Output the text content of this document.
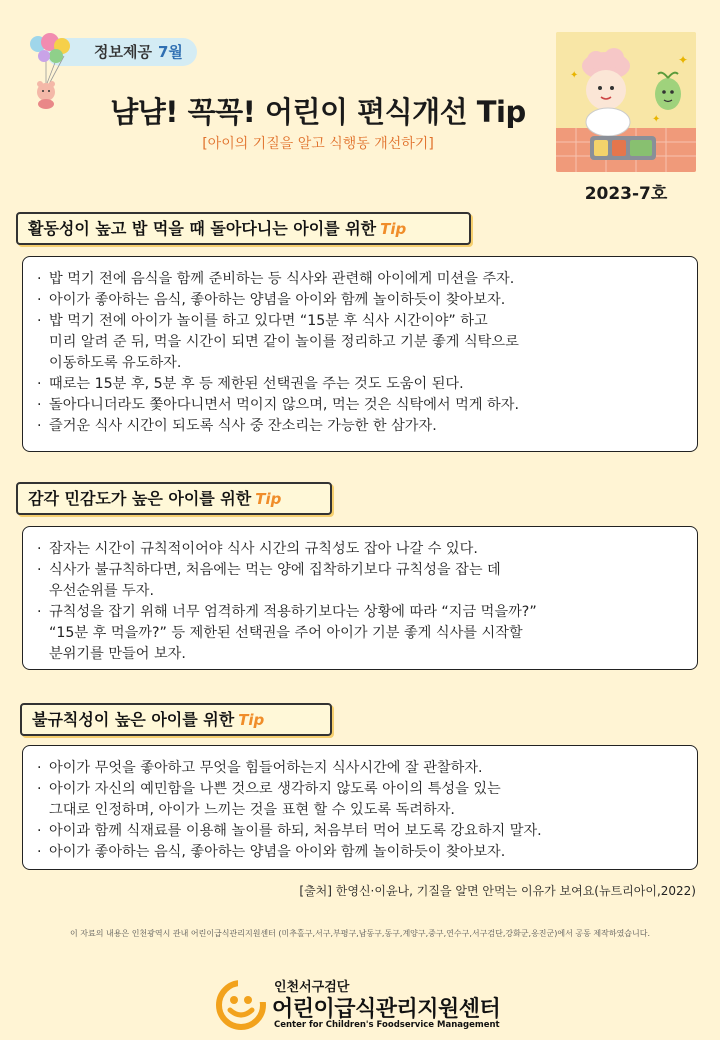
정보제공 7월
냠냠! 꼭꼭! 어린이 편식개선 Tip
[아이의 기질을 알고 식행동 개선하기]
✦
✦
✦
2023-7호
활동성이 높고 밥 먹을 때 돌아다니는 아이를 위한 Tip
· 밥 먹기 전에 음식을 함께 준비하는 등 식사와 관련해 아이에게 미션을 주자.
· 아이가 좋아하는 음식, 좋아하는 양념을 아이와 함께 놀이하듯이 찾아보자.
· 밥 먹기 전에 아이가 놀이를 하고 있다면 “15분 후 식사 시간이야” 하고
미리 알려 준 뒤, 먹을 시간이 되면 같이 놀이를 정리하고 기분 좋게 식탁으로
이동하도록 유도하자.
· 때로는 15분 후, 5분 후 등 제한된 선택권을 주는 것도 도움이 된다.
· 돌아다니더라도 쫓아다니면서 먹이지 않으며, 먹는 것은 식탁에서 먹게 하자.
· 즐거운 식사 시간이 되도록 식사 중 잔소리는 가능한 한 삼가자.
감각 민감도가 높은 아이를 위한 Tip
· 잠자는 시간이 규칙적이어야 식사 시간의 규칙성도 잡아 나갈 수 있다.
· 식사가 불규칙하다면, 처음에는 먹는 양에 집착하기보다 규칙성을 잡는 데
우선순위를 두자.
· 규칙성을 잡기 위해 너무 엄격하게 적용하기보다는 상황에 따라 “지금 먹을까?”
“15분 후 먹을까?” 등 제한된 선택권을 주어 아이가 기분 좋게 식사를 시작할
분위기를 만들어 보자.
불규칙성이 높은 아이를 위한 Tip
· 아이가 무엇을 좋아하고 무엇을 힘들어하는지 식사시간에 잘 관찰하자.
· 아이가 자신의 예민함을 나쁜 것으로 생각하지 않도록 아이의 특성을 있는
그대로 인정하며, 아이가 느끼는 것을 표현 할 수 있도록 독려하자.
· 아이과 함께 식재료를 이용해 놀이를 하되, 처음부터 먹어 보도록 강요하지 말자.
· 아이가 좋아하는 음식, 좋아하는 양념을 아이와 함께 놀이하듯이 찾아보자.
[출처] 한영신·이윤나, 기질을 알면 안먹는 이유가 보여요(뉴트리아이,2022)
이 자료의 내용은 인천광역시 관내 어린이급식관리지원센터 (미추홀구,서구,부평구,남동구,동구,계양구,중구,연수구,서구검단,강화군,옹진군)에서 공동 제작하였습니다.
인천서구검단
어린이급식관리지원센터
Center for Children's Foodservice Management
